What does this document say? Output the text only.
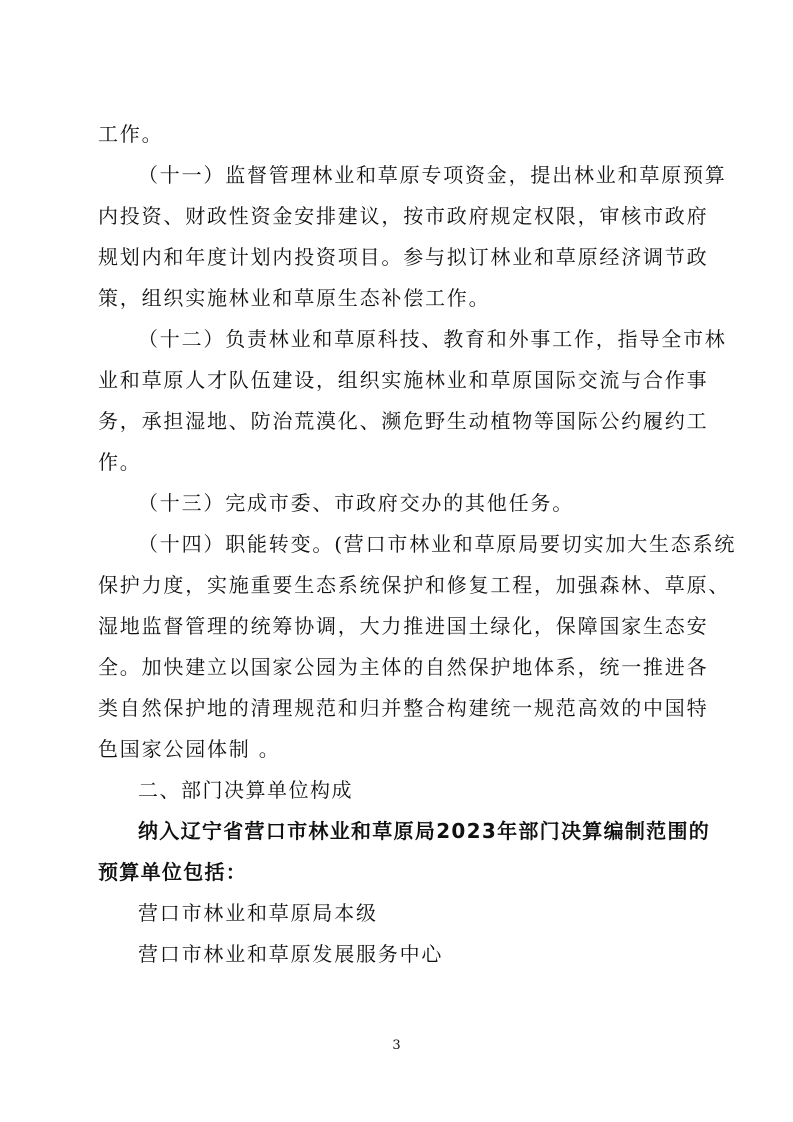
工作。
（十一）监督管理林业和草原专项资金，提出林业和草原预算
内投资、财政性资金安排建议，按市政府规定权限，审核市政府
规划内和年度计划内投资项目。参与拟订林业和草原经济调节政
策，组织实施林业和草原生态补偿工作。
（十二）负责林业和草原科技、教育和外事工作，指导全市林
业和草原人才队伍建设，组织实施林业和草原国际交流与合作事
务，承担湿地、防治荒漠化、濒危野生动植物等国际公约履约工
作。
（十三）完成市委、市政府交办的其他任务。
（十四）职能转变。(营口市林业和草原局要切实加大生态系统
保护力度，实施重要生态系统保护和修复工程，加强森林、草原、
湿地监督管理的统筹协调，大力推进国土绿化，保障国家生态安
全。加快建立以国家公园为主体的自然保护地体系，统一推进各
类自然保护地的清理规范和归并整合构建统一规范高效的中国特
色国家公园体制 。
二、部门决算单位构成
纳入辽宁省营口市林业和草原局2023年部门决算编制范围的
预算单位包括：
营口市林业和草原局本级
营口市林业和草原发展服务中心
3
